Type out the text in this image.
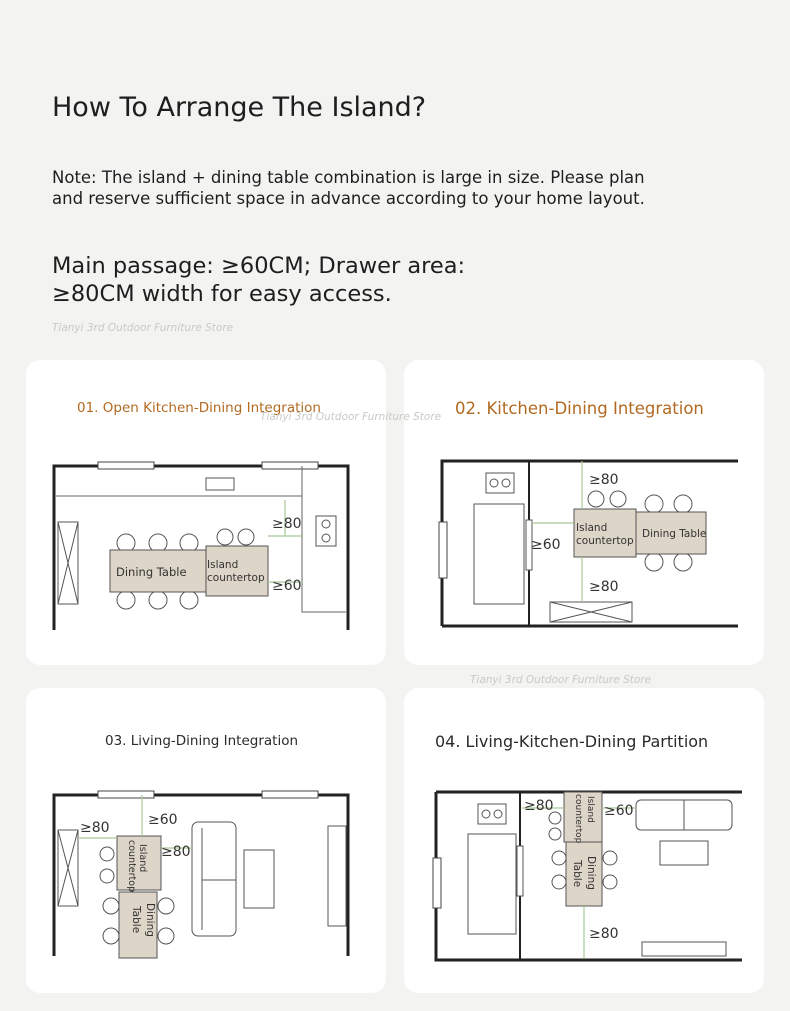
How To Arrange The Island?
Note: The island + dining table combination is large in size. Please plan
and reserve sufficient space in advance according to your home layout.
Main passage: ≥60CM; Drawer area:
≥80CM width for easy access.
Tianyi 3rd Outdoor Furniture Store
Tianyi 3rd Outdoor Furniture Store
01. Open Kitchen-Dining Integration
Dining Table Island
countertop
≥80
≥60
02. Kitchen-Dining Integration
Island
countertop
Dining Table
≥80
≥60
≥80
03. Living-Dining Integration
Island
countertop
Dining
Table
≥80	≥60
≥80
04. Living-Kitchen-Dining Partition
Island
countertop
Dining
Table
≥80	≥60
≥80
Tianyi 3rd Outdoor Furniture Store
